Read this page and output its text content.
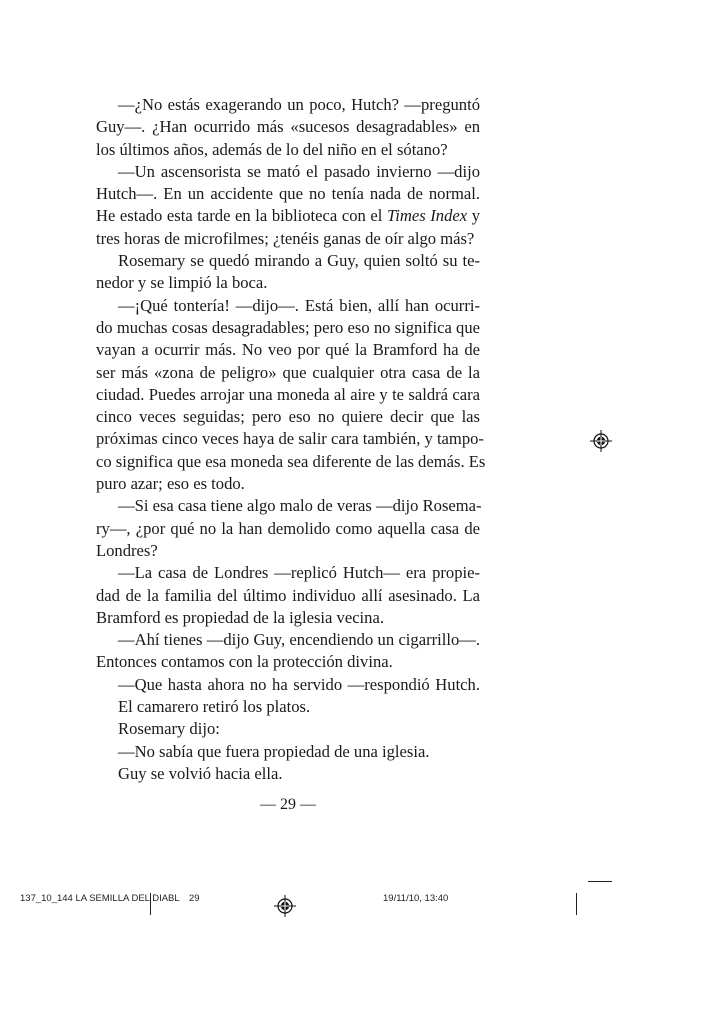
—¿No estás exagerando un poco, Hutch? —preguntó
Guy—. ¿Han ocurrido más «sucesos desagradables» en
los últimos años, además de lo del niño en el sótano?
—Un ascensorista se mató el pasado invierno —dijo
Hutch—. En un accidente que no tenía nada de normal.
He estado esta tarde en la biblioteca con el Times Index y
tres horas de microfilmes; ¿tenéis ganas de oír algo más?
Rosemary se quedó mirando a Guy, quien soltó su te-
nedor y se limpió la boca.
—¡Qué tontería! —dijo—. Está bien, allí han ocurri-
do muchas cosas desagradables; pero eso no significa que
vayan a ocurrir más. No veo por qué la Bramford ha de
ser más «zona de peligro» que cualquier otra casa de la
ciudad. Puedes arrojar una moneda al aire y te saldrá cara
cinco veces seguidas; pero eso no quiere decir que las
próximas cinco veces haya de salir cara también, y tampo-
co significa que esa moneda sea diferente de las demás. Es
puro azar; eso es todo.
—Si esa casa tiene algo malo de veras —dijo Rosema-
ry—, ¿por qué no la han demolido como aquella casa de
Londres?
—La casa de Londres —replicó Hutch— era propie-
dad de la familia del último individuo allí asesinado. La
Bramford es propiedad de la iglesia vecina.
—Ahí tienes —dijo Guy, encendiendo un cigarrillo—.
Entonces contamos con la protección divina.
—Que hasta ahora no ha servido —respondió Hutch.
El camarero retiró los platos.
Rosemary dijo:
—No sabía que fuera propiedad de una iglesia.
Guy se volvió hacia ella.
— 29 —
137_10_144 LA SEMILLA DEL DIABL 29	19/11/10, 13:40
